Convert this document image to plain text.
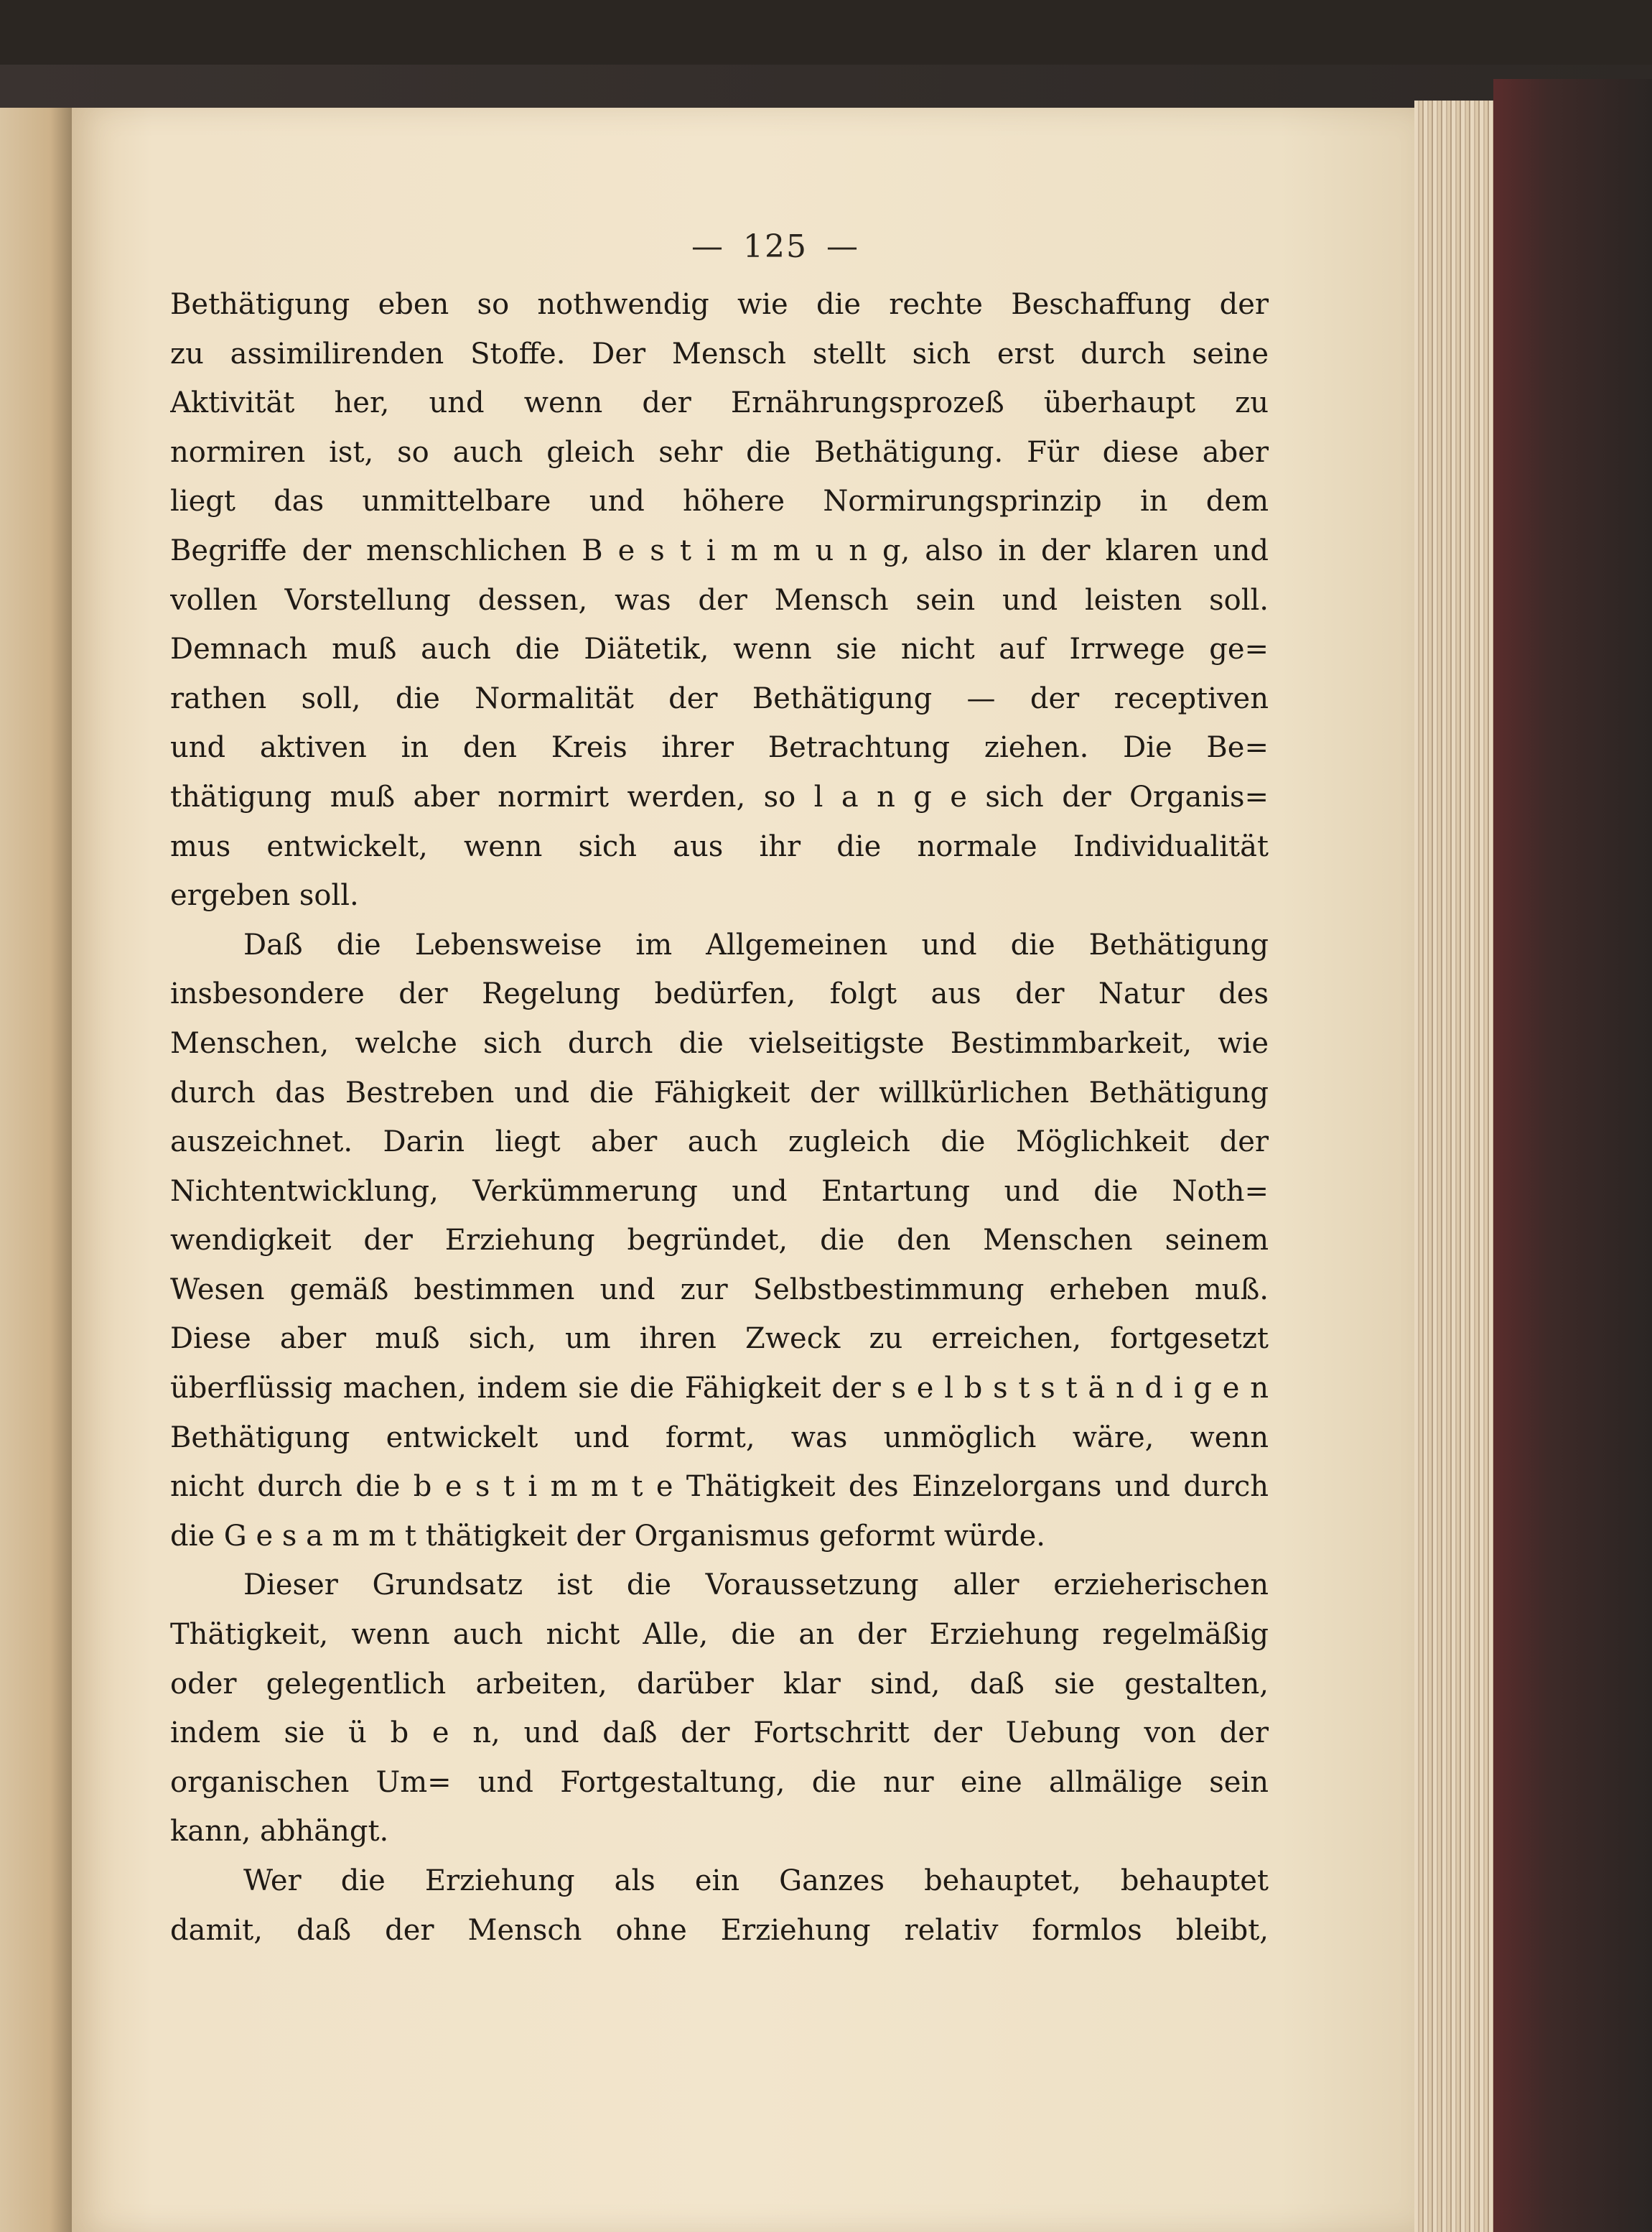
— 125 —
Bethätigung eben so nothwendig wie die rechte Beschaffung der
zu assimilirenden Stoffe. Der Mensch stellt sich erst durch seine
Aktivität her, und wenn der Ernährungsprozeß überhaupt zu
normiren ist, so auch gleich sehr die Bethätigung. Für diese aber
liegt das unmittelbare und höhere Normirungsprinzip in dem
Begriffe der menschlichen B e s t i m m u n g, also in der klaren und
vollen Vorstellung dessen, was der Mensch sein und leisten soll.
Demnach muß auch die Diätetik, wenn sie nicht auf Irrwege ge=
rathen soll, die Normalität der Bethätigung — der receptiven
und aktiven in den Kreis ihrer Betrachtung ziehen. Die Be=
thätigung muß aber normirt werden, so l a n g e sich der Organis=
mus entwickelt, wenn sich aus ihr die normale Individualität
ergeben soll.
Daß die Lebensweise im Allgemeinen und die Bethätigung
insbesondere der Regelung bedürfen, folgt aus der Natur des
Menschen, welche sich durch die vielseitigste Bestimmbarkeit, wie
durch das Bestreben und die Fähigkeit der willkürlichen Bethätigung
auszeichnet. Darin liegt aber auch zugleich die Möglichkeit der
Nichtentwicklung, Verkümmerung und Entartung und die Noth=
wendigkeit der Erziehung begründet, die den Menschen seinem
Wesen gemäß bestimmen und zur Selbstbestimmung erheben muß.
Diese aber muß sich, um ihren Zweck zu erreichen, fortgesetzt
überflüssig machen, indem sie die Fähigkeit der s e l b s t s t ä n d i g e n
Bethätigung entwickelt und formt, was unmöglich wäre, wenn
nicht durch die b e s t i m m t e Thätigkeit des Einzelorgans und durch
die G e s a m m t thätigkeit der Organismus geformt würde.
Dieser Grundsatz ist die Voraussetzung aller erzieherischen
Thätigkeit, wenn auch nicht Alle, die an der Erziehung regelmäßig
oder gelegentlich arbeiten, darüber klar sind, daß sie gestalten,
indem sie ü b e n, und daß der Fortschritt der Uebung von der
organischen Um= und Fortgestaltung, die nur eine allmälige sein
kann, abhängt.
Wer die Erziehung als ein Ganzes behauptet, behauptet
damit, daß der Mensch ohne Erziehung relativ formlos bleibt,
